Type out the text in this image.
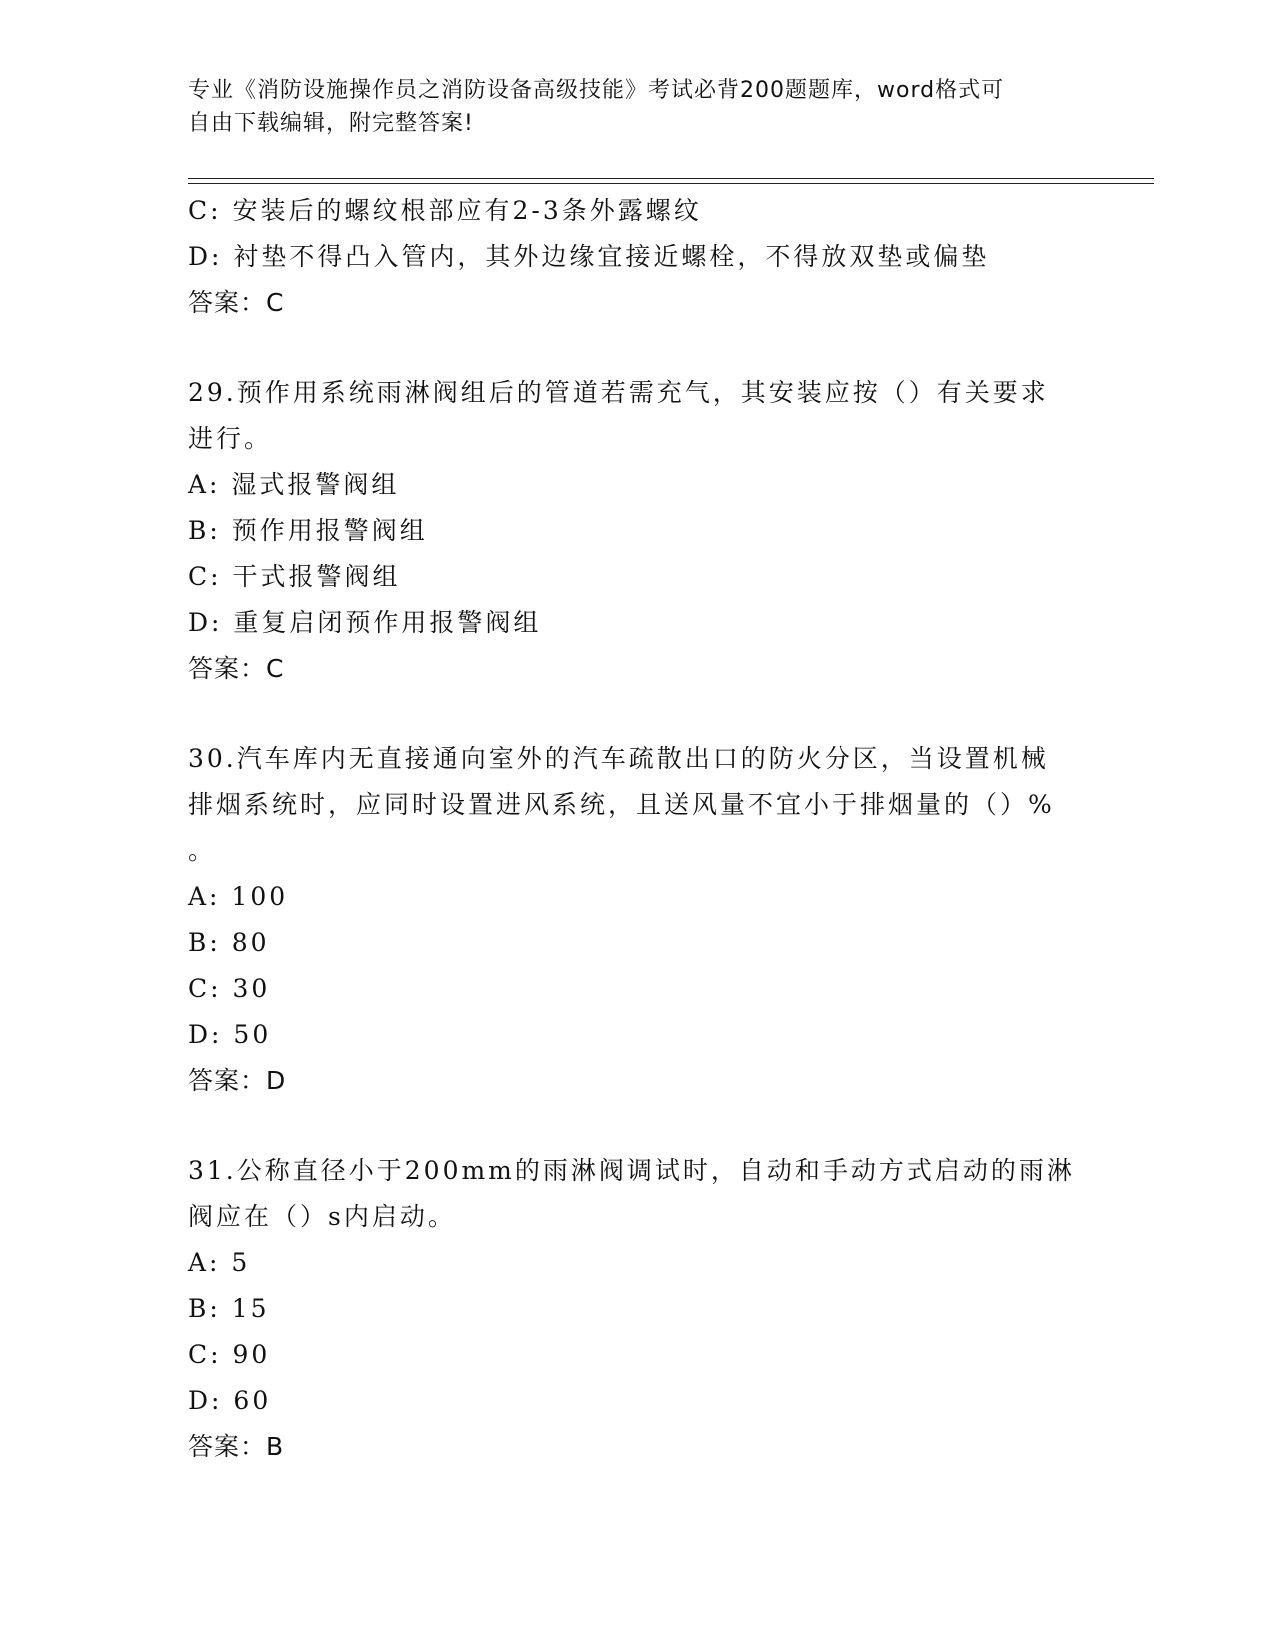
专业《消防设施操作员之消防设备高级技能》考试必背200题题库，word格式可
自由下载编辑，附完整答案!
C: 安装后的螺纹根部应有2-3条外露螺纹
D: 衬垫不得凸入管内，其外边缘宜接近螺栓，不得放双垫或偏垫
答案：C
29.预作用系统雨淋阀组后的管道若需充气，其安装应按（）有关要求
进行。
A: 湿式报警阀组
B: 预作用报警阀组
C: 干式报警阀组
D: 重复启闭预作用报警阀组
答案：C
30.汽车库内无直接通向室外的汽车疏散出口的防火分区，当设置机械
排烟系统时，应同时设置进风系统，且送风量不宜小于排烟量的（）%
。
A: 100
B: 80
C: 30
D: 50
答案：D
31.公称直径小于200mm的雨淋阀调试时，自动和手动方式启动的雨淋
阀应在（）s内启动。
A: 5
B: 15
C: 90
D: 60
答案：B
